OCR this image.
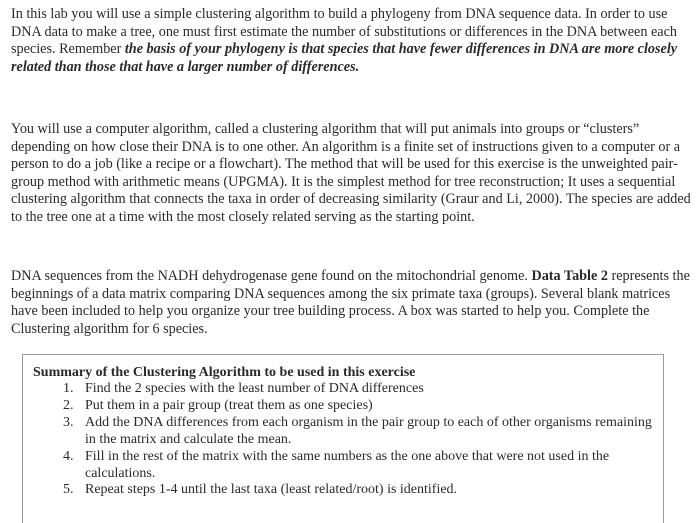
In this lab you will use a simple clustering algorithm to build a phylogeny from DNA sequence data. In order to use DNA data to make a tree, one must first estimate the number of substitutions or differences in the DNA between each species. Remember the basis of your phylogeny is that species that have fewer differences in DNA are more closely related than those that have a larger number of differences.

You will use a computer algorithm, called a clustering algorithm that will put animals into groups or “clusters” depending on how close their DNA is to one other. An algorithm is a finite set of instructions given to a computer or a person to do a job (like a recipe or a flowchart). The method that will be used for this exercise is the unweighted pair-group method with arithmetic means (UPGMA). It is the simplest method for tree reconstruction; It uses a sequential clustering algorithm that connects the taxa in order of decreasing similarity (Graur and Li, 2000). The species are added to the tree one at a time with the most closely related serving as the starting point.

DNA sequences from the NADH dehydrogenase gene found on the mitochondrial genome. Data Table 2 represents the beginnings of a data matrix comparing DNA sequences among the six primate taxa (groups). Several blank matrices have been included to help you organize your tree building process. A box was started to help you. Complete the Clustering algorithm for 6 species.

Summary of the Clustering Algorithm to be used in this exercise
1. Find the 2 species with the least number of DNA differences
2. Put them in a pair group (treat them as one species)
3. Add the DNA differences from each organism in the pair group to each of other organisms remaining in the matrix and calculate the mean.
4. Fill in the rest of the matrix with the same numbers as the one above that were not used in the calculations.
5. Repeat steps 1-4 until the last taxa (least related/root) is identified.
